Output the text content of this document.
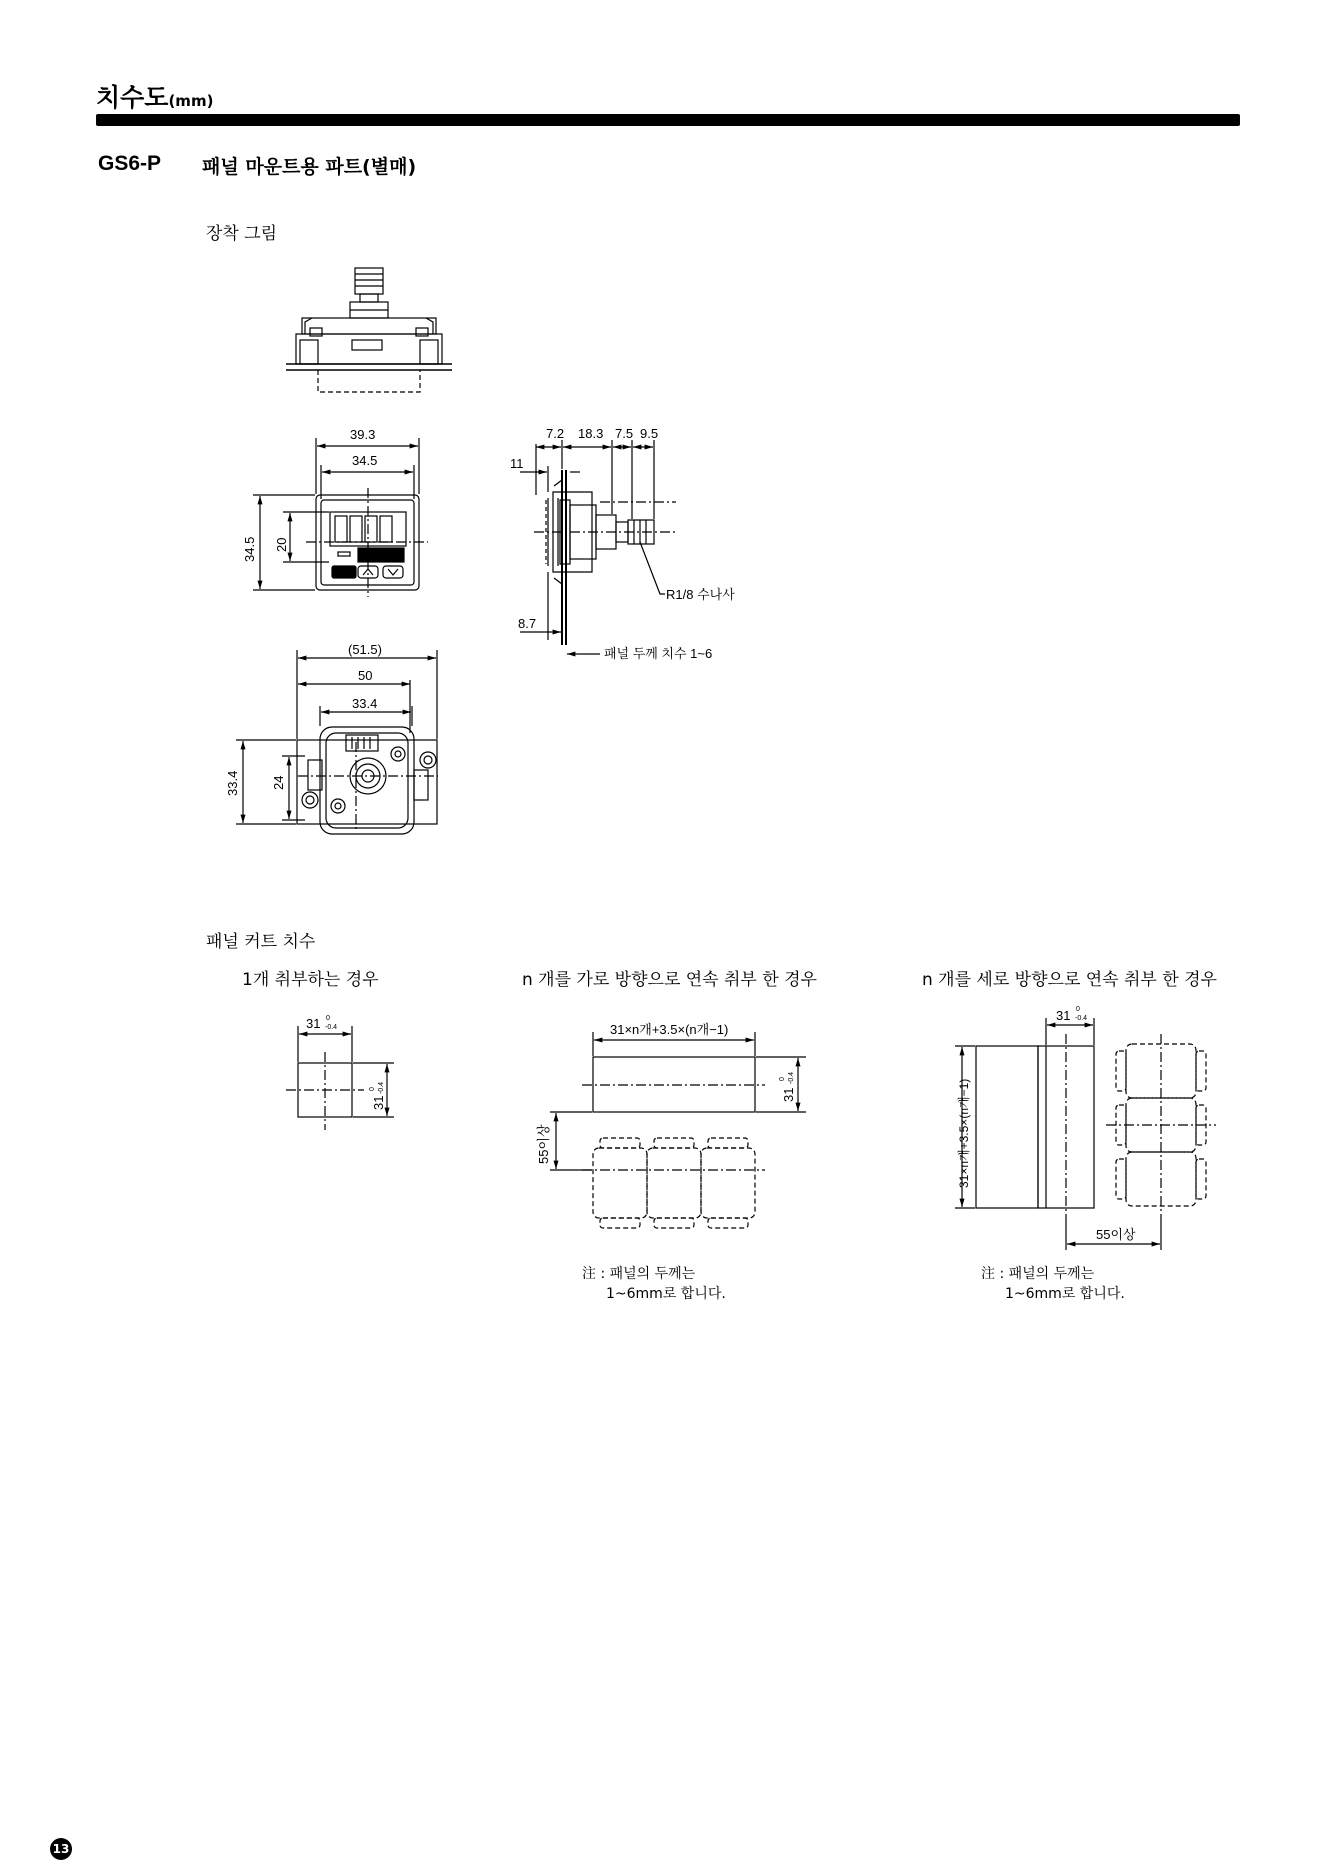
치수도(mm)
GS6-P 패널 마운트용 파트(별매)
장착 그림
패널 커트 치수
1개 취부하는 경우	n 개를 가로 방향으로 연속 취부 한 경우	n 개를 세로 방향으로 연속 취부 한 경우
注 : 패널의 두께는
1~6mm로 합니다.
注 : 패널의 두께는
1~6mm로 합니다.
13
39.3
34.5
34.5 20
7.2 18.3 7.5 9.5
11
8.7
R1/8 수나사
패널 두께 치수 1~6
(51.5)
50
33.4
33.4 24
31 0
-0.4
31
0 -0.4
31×n개+3.5×(n개−1)
31
0 -0.4
55이상
31 0
-0.4
31×n개+3.5×(n개−1)
55이상
